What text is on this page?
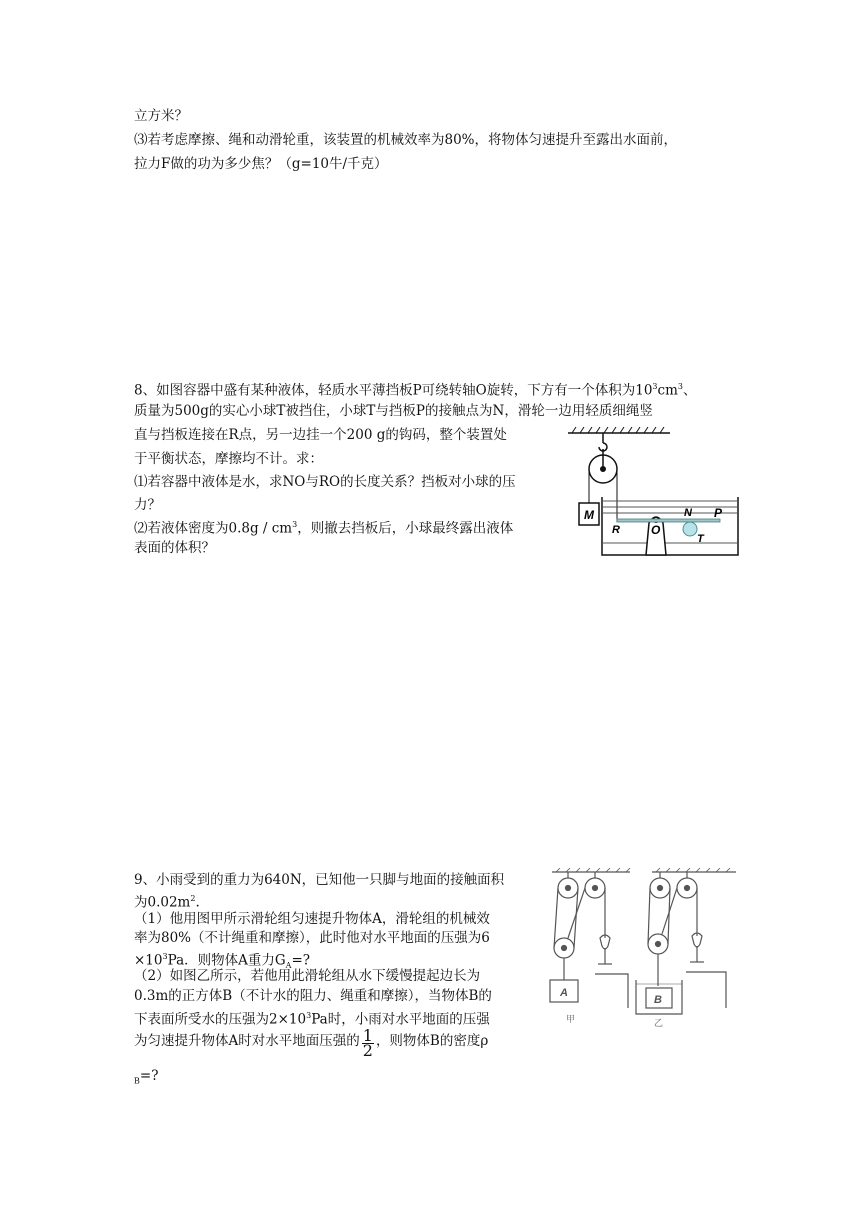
立方米？
⑶若考虑摩擦、绳和动滑轮重，该装置的机械效率为80%，将物体匀速提升至露出水面前，
拉力F做的功为多少焦？（g=10牛/千克）
8、如图容器中盛有某种液体，轻质水平薄挡板P可绕转轴O旋转，下方有一个体积为$10^3cm^3$、
质量为500g的实心小球T被挡住，小球T与挡板P的接触点为N，滑轮一边用轻质细绳竖
直与挡板连接在R点，另一边挂一个200 g的钩码，整个装置处
于平衡状态，摩擦均不计。求：
⑴若容器中液体是水，求NO与RO的长度关系？挡板对小球的压
力？
⑵若液体密度为$0.8g / cm^3$，则撤去挡板后，小球最终露出液体
表面的体积？
M
R	O
N P
T
9、小雨受到的重力为640N，已知他一只脚与地面的接触面积
为$0.02m^2$.
（1）他用图甲所示滑轮组匀速提升物体A，滑轮组的机械效
率为80%（不计绳重和摩擦），此时他对水平地面的压强为6
$\times 10^3Pa$．则物体A重力$G_A=$?
（2）如图乙所示，若他用此滑轮组从水下缓慢提起边长为
0.3m的正方体B（不计水的阻力、绳重和摩擦），当物体B的
下表面所受水的压强为$2\times 10^3Pa$时，小雨对水平地面的压强
为匀速提升物体A时对水平地面压强的 $\frac{1}{2}$ ，则物体B的密度ρ
$_B$=?
A
B
甲	乙
